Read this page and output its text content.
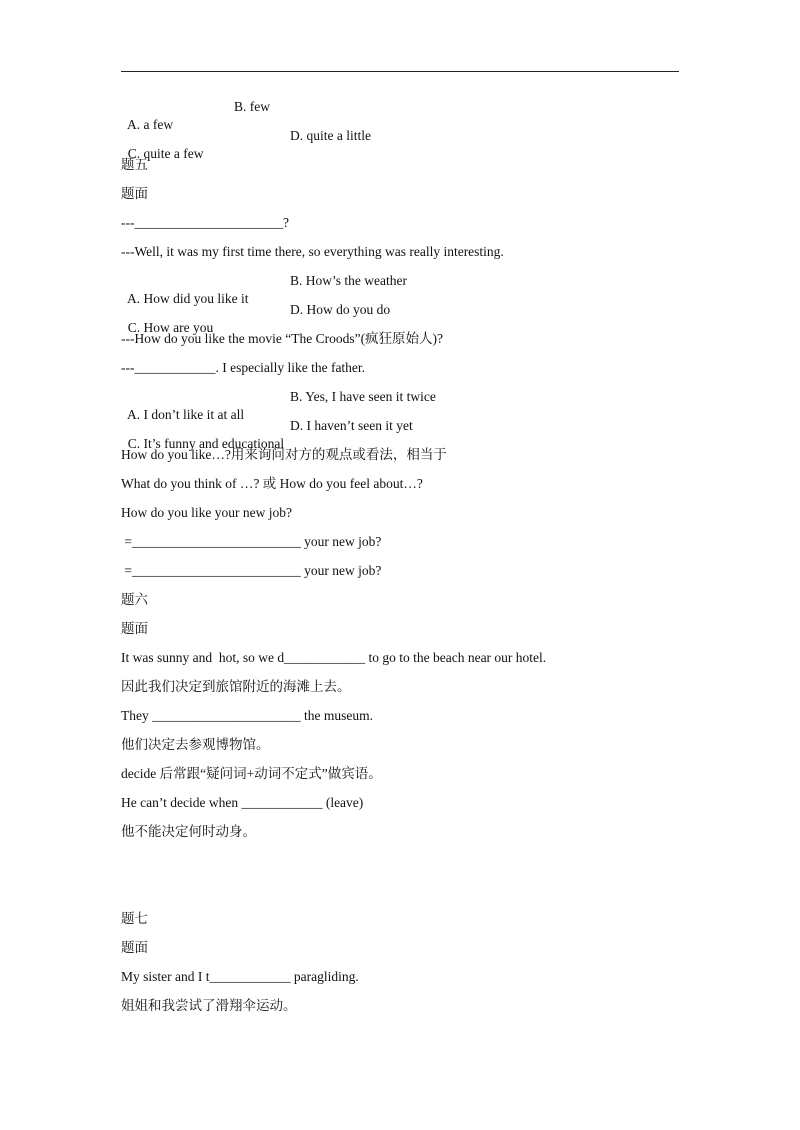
A. a few

B. few

C. quite a few

D. quite a little

题五
题面
---______________________?
---Well, it was my first time there, so everything was really interesting.

A. How did you like it

B. How’s the weather

C. How are you

D. How do you do

---How do you like the movie “The Croods”(疯狂原始人)?
---____________. I especially like the father.

A. I don’t like it at all

B. Yes, I have seen it twice

C. It’s funny and educational

D. I haven’t seen it yet

How do you like…?用来询问对方的观点或看法，相当于
What do you think of …? 或 How do you feel about…?
How do you like your new job?
=_________________________ your new job?
=_________________________ your new job?
题六
题面
It was sunny and  hot, so we d____________ to go to the beach near our hotel.
因此我们决定到旅馆附近的海滩上去。
They ______________________ the museum.
他们决定去参观博物馆。
decide 后常跟“疑问词+动词不定式”做宾语。
He can’t decide when ____________ (leave)
他不能决定何时动身。
题七
题面
My sister and I t____________ paragliding.
姐姐和我尝试了滑翔伞运动。
